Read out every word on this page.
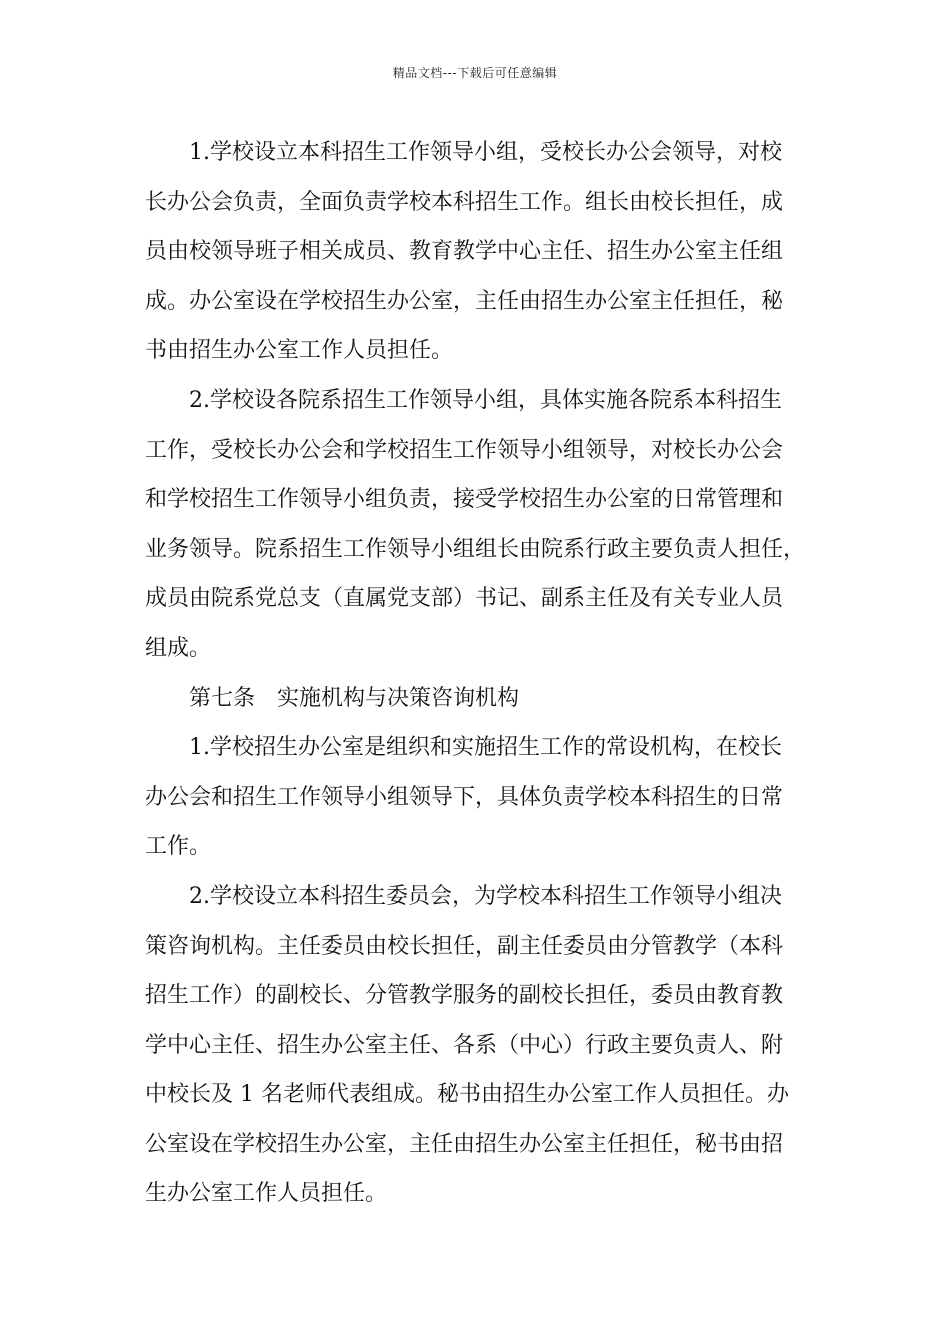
精品文档---下载后可任意编辑
1.学校设立本科招生工作领导小组，受校长办公会领导，对校
长办公会负责，全面负责学校本科招生工作。组长由校长担任，成
员由校领导班子相关成员、教育教学中心主任、招生办公室主任组
成。办公室设在学校招生办公室，主任由招生办公室主任担任，秘
书由招生办公室工作人员担任。
2.学校设各院系招生工作领导小组，具体实施各院系本科招生
工作，受校长办公会和学校招生工作领导小组领导，对校长办公会
和学校招生工作领导小组负责，接受学校招生办公室的日常管理和
业务领导。院系招生工作领导小组组长由院系行政主要负责人担任，
成员由院系党总支（直属党支部）书记、副系主任及有关专业人员
组成。
第七条　实施机构与决策咨询机构
1.学校招生办公室是组织和实施招生工作的常设机构，在校长
办公会和招生工作领导小组领导下，具体负责学校本科招生的日常
工作。
2.学校设立本科招生委员会，为学校本科招生工作领导小组决
策咨询机构。主任委员由校长担任，副主任委员由分管教学（本科
招生工作）的副校长、分管教学服务的副校长担任，委员由教育教
学中心主任、招生办公室主任、各系（中心）行政主要负责人、附
中校长及 1 名老师代表组成。秘书由招生办公室工作人员担任。办
公室设在学校招生办公室，主任由招生办公室主任担任，秘书由招
生办公室工作人员担任。
